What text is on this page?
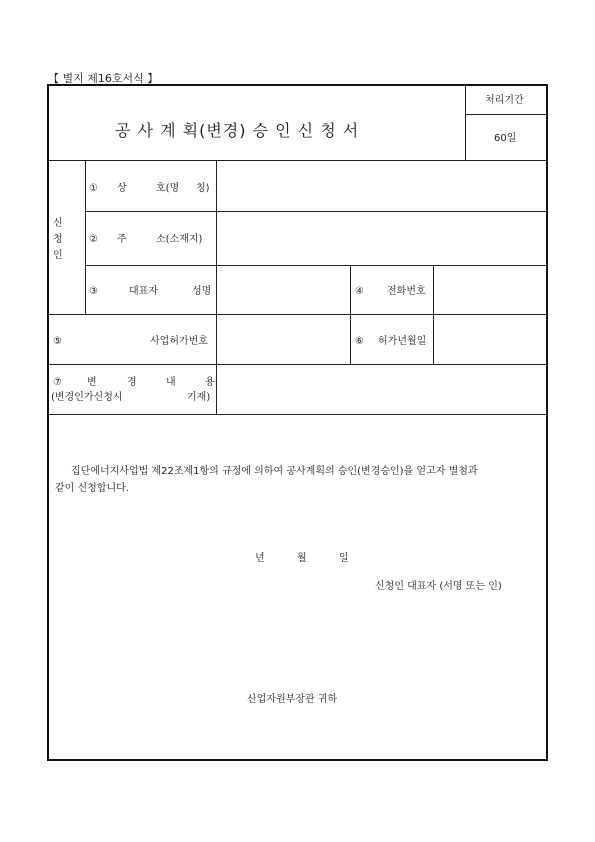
【 별지 제16호서식 】
공 사 계 획(변경) 승 인 신 청 서
처리기간
60일
신
청
인
① 상	호(명 칭)
② 주	소(소재지)
③	대표자	성명	④ 전화번호
⑤	사업허가번호	⑥ 허가년월일
⑦	변	경	내	용
(변경인가신청시	기재)
집단에너지사업법 제22조제1항의 규정에 의하여 공사계획의 승인(변경승인)을 얻고자 별첨과
같이 신청합니다.
년	월	일
신청인 대표자 (서명 또는 인)
산업자원부장관 귀하
